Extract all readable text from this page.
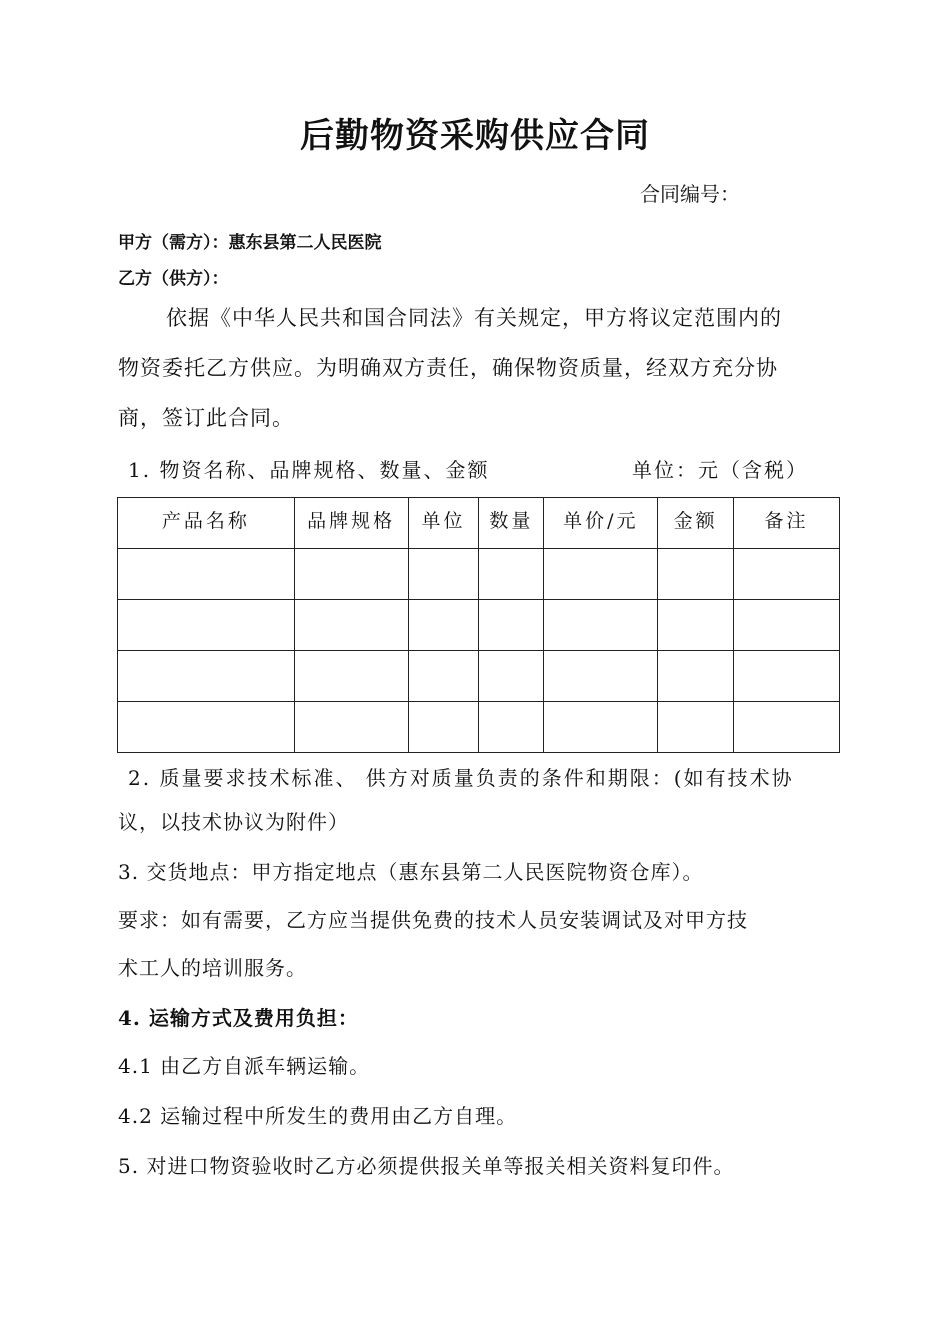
后勤物资采购供应合同
合同编号：
甲方（需方）：惠东县第二人民医院
乙方（供方）：
依据《中华人民共和国合同法》有关规定，甲方将议定范围内的
物资委托乙方供应。为明确双方责任，确保物资质量，经双方充分协
商，签订此合同。
1. 物资名称、品牌规格、数量、金额	单位：元（含税）
产品名称	品牌规格	单位	数量	单价/元	金额	备注

2. 质量要求技术标准、 供方对质量负责的条件和期限：(如有技术协
议，以技术协议为附件）
3. 交货地点：甲方指定地点（惠东县第二人民医院物资仓库）。
要求：如有需要，乙方应当提供免费的技术人员安装调试及对甲方技
术工人的培训服务。
4. 运输方式及费用负担：
4.1 由乙方自派车辆运输。
4.2 运输过程中所发生的费用由乙方自理。
5. 对进口物资验收时乙方必须提供报关单等报关相关资料复印件。
